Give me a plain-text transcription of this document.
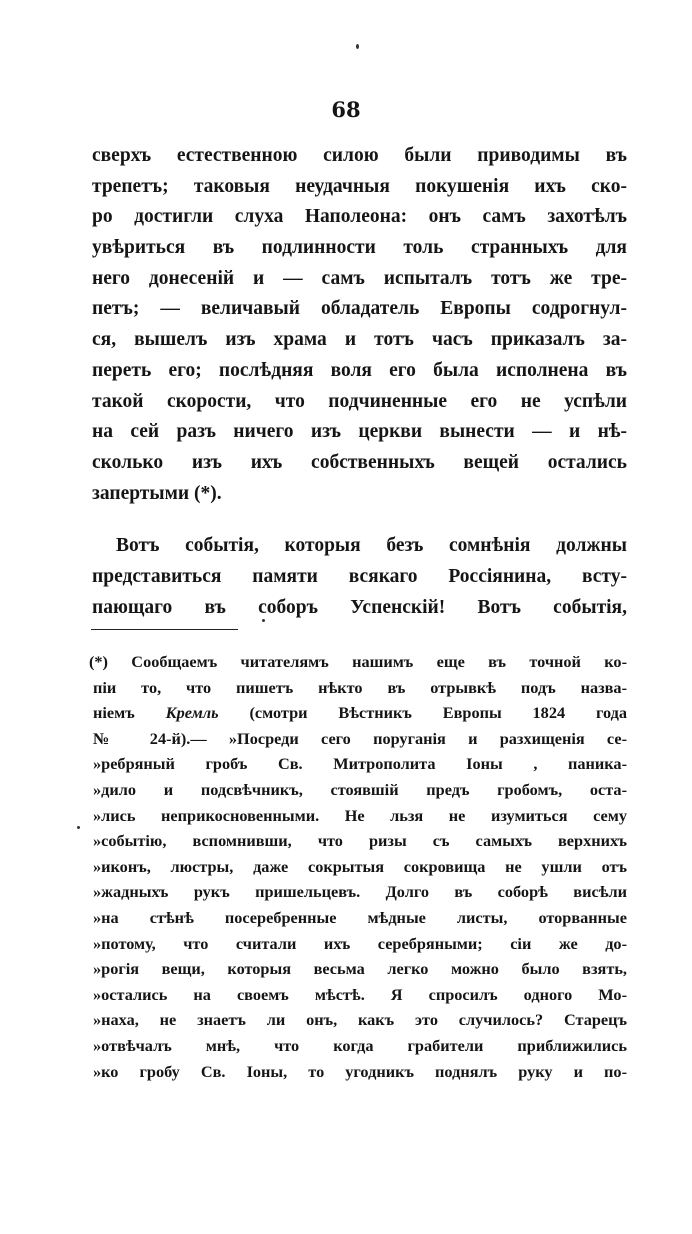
68
сверхъ естественною силою были приводимы въ
трепетъ; таковыя неудачныя покушенія ихъ ско-
ро достигли слуха Наполеона: онъ самъ захотѣлъ
увѣриться въ подлинности толь странныхъ для
него донесеній и — самъ испыталъ тотъ же тре-
петъ; — величавый обладатель Европы содрогнул-
ся, вышелъ изъ храма и тотъ часъ приказалъ за-
переть его; послѣдняя воля его была исполнена въ
такой скорости, что подчиненные его не успѣли
на сей разъ ничего изъ церкви вынести — и нѣ-
сколько изъ ихъ собственныхъ вещей остались
запертыми (*).
Вотъ событія, которыя безъ сомнѣнія должны
представиться памяти всякаго Россіянина, всту-
пающаго въ соборъ Успенскій! Вотъ событія,
(*) Сообщаемъ читателямъ нашимъ еще въ точной ко-
піи то, что пишетъ нѣкто въ отрывкѣ подъ назва-
ніемъ Кремль (смотри Вѣстникъ Европы 1824 года
№ 24-й).— »Посреди сего поруганія и разхищенія се-
»ребряный гробъ Св. Митрополита Іоны , паника-
»дило и подсвѣчникъ, стоявшій предъ гробомъ, оста-
»лись неприкосновенными. Не льзя не изумиться сему
»событію, вспомнивши, что ризы съ самыхъ верхнихъ
»иконъ, люстры, даже сокрытыя сокровища не ушли отъ
»жадныхъ рукъ пришельцевъ. Долго въ соборѣ висѣли
»на стѣнѣ посеребренные мѣдные листы, оторванные
»потому, что считали ихъ серебряными; сіи же до-
»рогія вещи, которыя весьма легко можно было взять,
»остались на своемъ мѣстѣ. Я спросилъ одного Мо-
»наха, не знаетъ ли онъ, какъ это случилось? Старецъ
»отвѣчалъ мнѣ, что когда грабители приближились
»ко гробу Св. Іоны, то угодникъ поднялъ руку и по-
